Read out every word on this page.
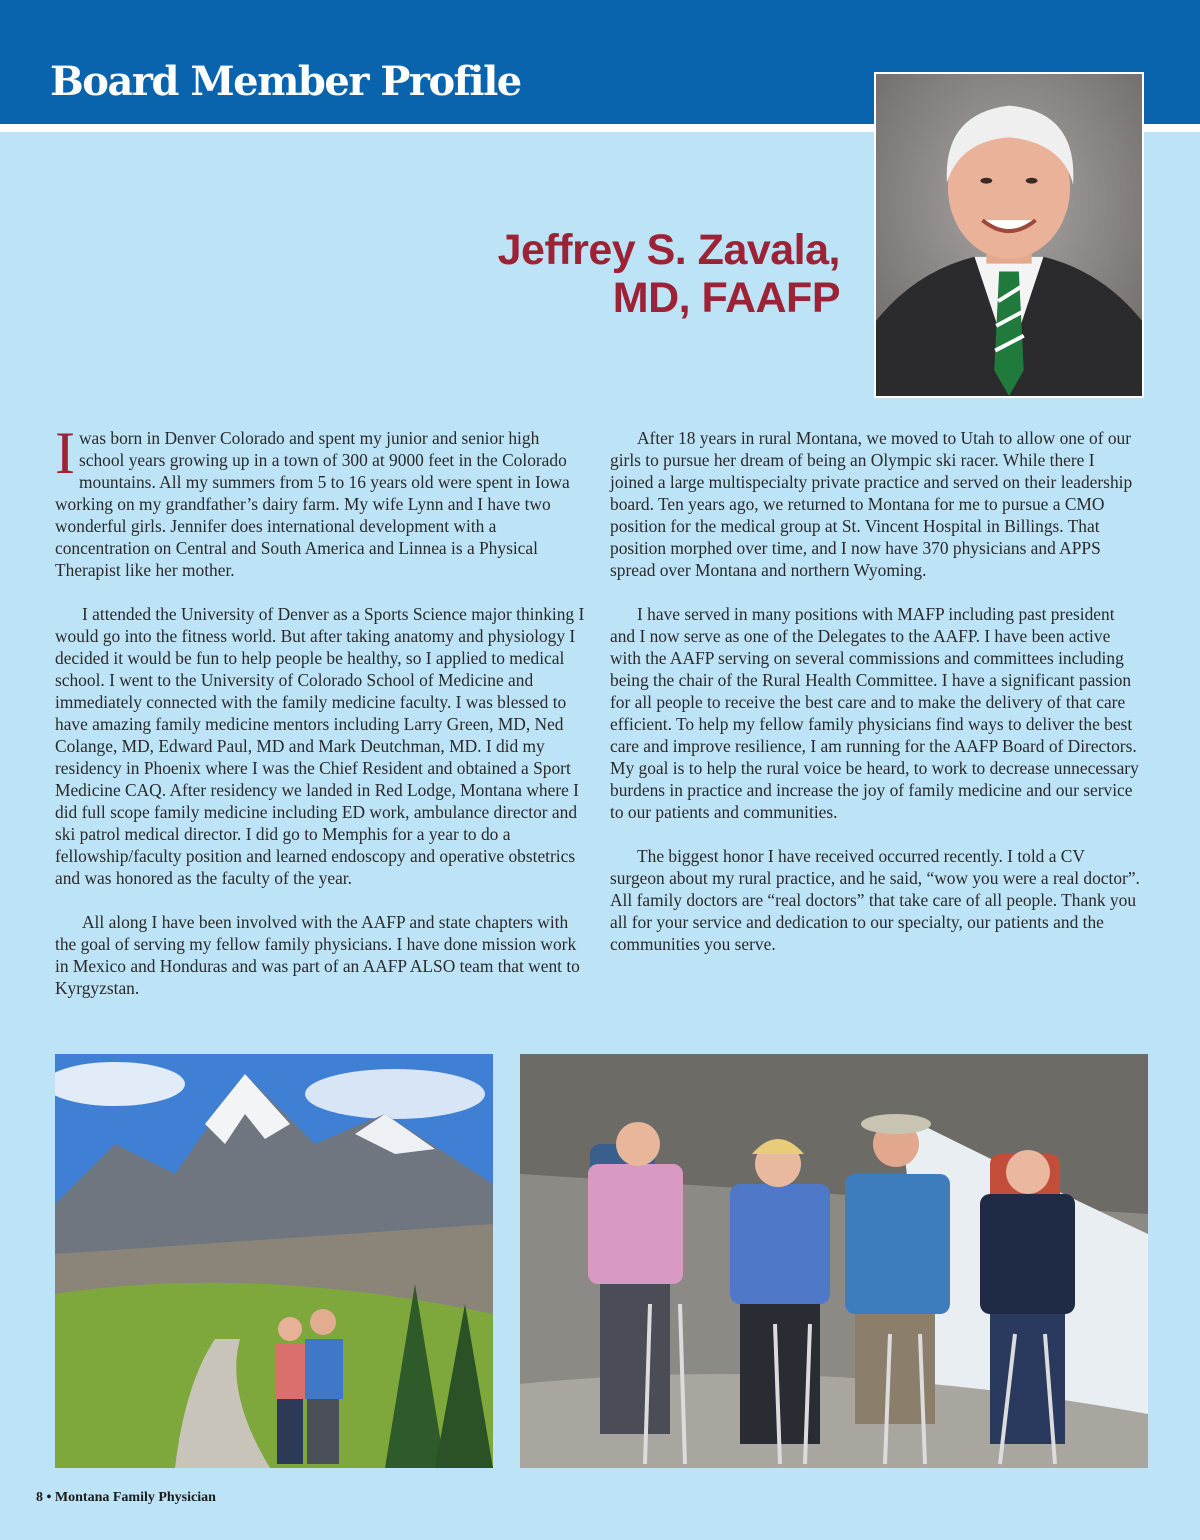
Board Member Profile
Jeffrey S. Zavala,
MD, FAAFP

Iwas born in Denver Colorado and spent my junior and senior high school years growing up in a town of 300 at 9000 feet in the Colorado mountains. All my summers from 5 to 16 years old were spent in Iowa working on my grandfather’s dairy farm. My wife Lynn and I have two wonderful girls. Jennifer does international development with a concentration on Central and South America and Linnea is a Physical Therapist like her mother.

I attended the University of Denver as a Sports Science major thinking I would go into the fitness world. But after taking anatomy and physiology I decided it would be fun to help people be healthy, so I applied to medical school. I went to the University of Colorado School of Medicine and immediately connected with the family medicine faculty. I was blessed to have amazing family medicine mentors including Larry Green, MD, Ned Colange, MD, Edward Paul, MD and Mark Deutchman, MD. I did my residency in Phoenix where I was the Chief Resident and obtained a Sport Medicine CAQ. After residency we landed in Red Lodge, Montana where I did full scope family medicine including ED work, ambulance director and ski patrol medical director. I did go to Memphis for a year to do a fellowship/faculty position and learned endoscopy and operative obstetrics and was honored as the faculty of the year.

All along I have been involved with the AAFP and state chapters with the goal of serving my fellow family physicians. I have done mission work in Mexico and Honduras and was part of an AAFP ALSO team that went to Kyrgyzstan.

After 18 years in rural Montana, we moved to Utah to allow one of our girls to pursue her dream of being an Olympic ski racer. While there I joined a large multispecialty private practice and served on their leadership board. Ten years ago, we returned to Montana for me to pursue a CMO position for the medical group at St. Vincent Hospital in Billings. That position morphed over time, and I now have 370 physicians and APPS spread over Montana and northern Wyoming.

I have served in many positions with MAFP including past president and I now serve as one of the Delegates to the AAFP. I have been active with the AAFP serving on several commissions and committees including being the chair of the Rural Health Committee. I have a significant passion for all people to receive the best care and to make the delivery of that care efficient. To help my fellow family physicians find ways to deliver the best care and improve resilience, I am running for the AAFP Board of Directors. My goal is to help the rural voice be heard, to work to decrease unnecessary burdens in practice and increase the joy of family medicine and our service to our patients and communities.

The biggest honor I have received occurred recently. I told a CV surgeon about my rural practice, and he said, “wow you were a real doctor”. All family doctors are “real doctors” that take care of all people. Thank you all for your service and dedication to our specialty, our patients and the communities you serve.

8 • Montana Family Physician
